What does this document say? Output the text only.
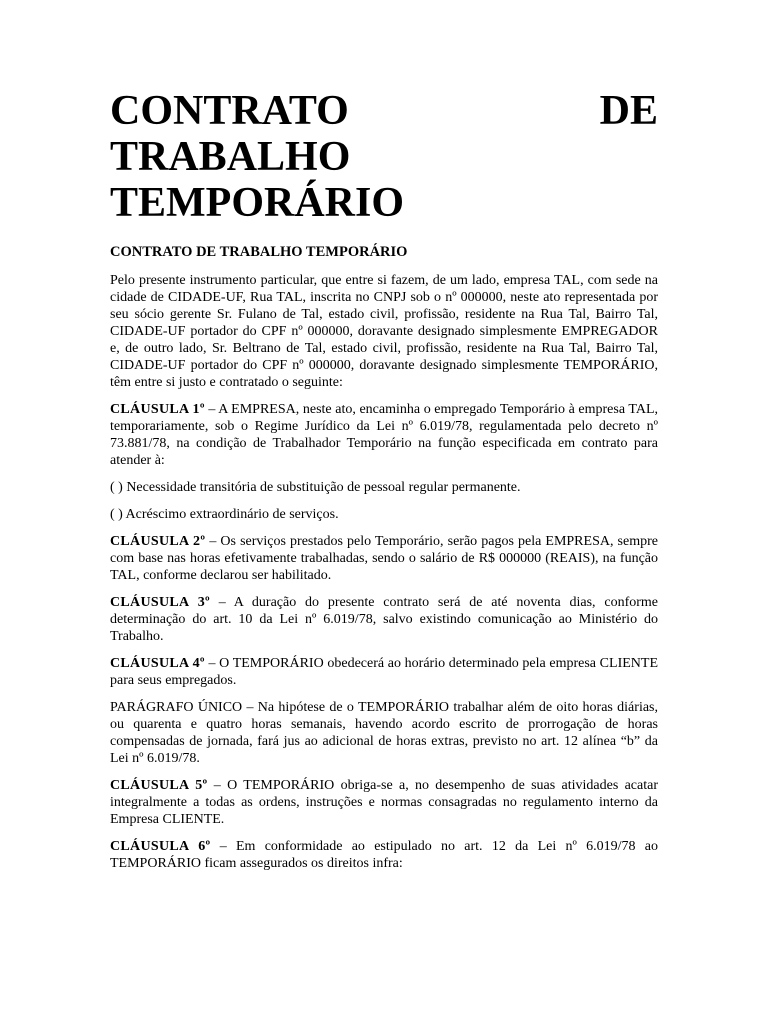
CONTRATO	DE
TRABALHO
TEMPORÁRIO
CONTRATO DE TRABALHO TEMPORÁRIO

Pelo presente instrumento particular, que entre si fazem, de um lado, empresa TAL, com sede na cidade de CIDADE-UF, Rua TAL, inscrita no CNPJ sob o nº 000000, neste ato representada por seu sócio gerente Sr. Fulano de Tal, estado civil, profissão, residente na Rua Tal, Bairro Tal, CIDADE-UF portador do CPF nº 000000, doravante designado simplesmente EMPREGADOR e, de outro lado, Sr. Beltrano de Tal, estado civil, profissão, residente na Rua Tal, Bairro Tal, CIDADE-UF portador do CPF nº 000000, doravante designado simplesmente TEMPORÁRIO, têm entre si justo e contratado o seguinte:

CLÁUSULA 1º – A EMPRESA, neste ato, encaminha o empregado Temporário à empresa TAL, temporariamente, sob o Regime Jurídico da Lei nº 6.019/78, regulamentada pelo decreto nº 73.881/78, na condição de Trabalhador Temporário na função especificada em contrato para atender à:

( ) Necessidade transitória de substituição de pessoal regular permanente.

( ) Acréscimo extraordinário de serviços.

CLÁUSULA 2º – Os serviços prestados pelo Temporário, serão pagos pela EMPRESA, sempre com base nas horas efetivamente trabalhadas, sendo o salário de R$ 000000 (REAIS), na função TAL, conforme declarou ser habilitado.

CLÁUSULA 3º – A duração do presente contrato será de até noventa dias, conforme determinação do art. 10 da Lei nº 6.019/78, salvo existindo comunicação ao Ministério do Trabalho.

CLÁUSULA 4º – O TEMPORÁRIO obedecerá ao horário determinado pela empresa CLIENTE para seus empregados.

PARÁGRAFO ÚNICO – Na hipótese de o TEMPORÁRIO trabalhar além de oito horas diárias, ou quarenta e quatro horas semanais, havendo acordo escrito de prorrogação de horas compensadas de jornada, fará jus ao adicional de horas extras, previsto no art. 12 alínea “b” da Lei nº 6.019/78.

CLÁUSULA 5º – O TEMPORÁRIO obriga-se a, no desempenho de suas atividades acatar integralmente a todas as ordens, instruções e normas consagradas no regulamento interno da Empresa CLIENTE.

CLÁUSULA 6º – Em conformidade ao estipulado no art. 12 da Lei nº 6.019/78 ao TEMPORÁRIO ficam assegurados os direitos infra:
